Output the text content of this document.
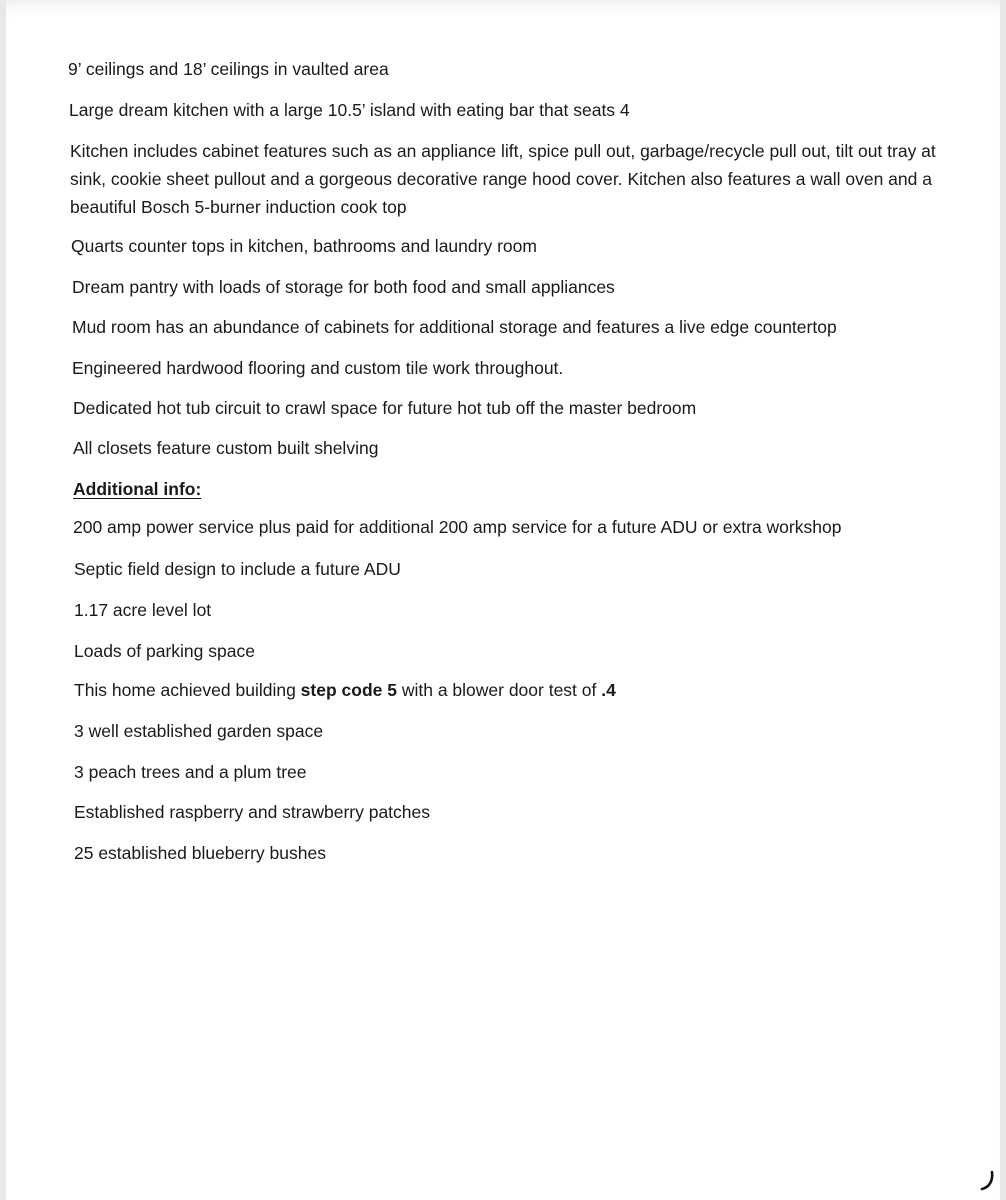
9’ ceilings and 18’ ceilings in vaulted area

Large dream kitchen with a large 10.5’ island with eating bar that seats 4

Kitchen includes cabinet features such as an appliance lift, spice pull out, garbage/recycle pull out, tilt out tray at sink, cookie sheet pullout and a gorgeous decorative range hood cover. Kitchen also features a wall oven and a beautiful Bosch 5-burner induction cook top

Quarts counter tops in kitchen, bathrooms and laundry room

Dream pantry with loads of storage for both food and small appliances

Mud room has an abundance of cabinets for additional storage and features a live edge countertop

Engineered hardwood flooring and custom tile work throughout.

Dedicated hot tub circuit to crawl space for future hot tub off the master bedroom

All closets feature custom built shelving

Additional info:

200 amp power service plus paid for additional 200 amp service for a future ADU or extra workshop

Septic field design to include a future ADU

1.17 acre level lot

Loads of parking space

This home achieved building step code 5 with a blower door test of .4

3 well established garden space

3 peach trees and a plum tree

Established raspberry and strawberry patches

25 established blueberry bushes
